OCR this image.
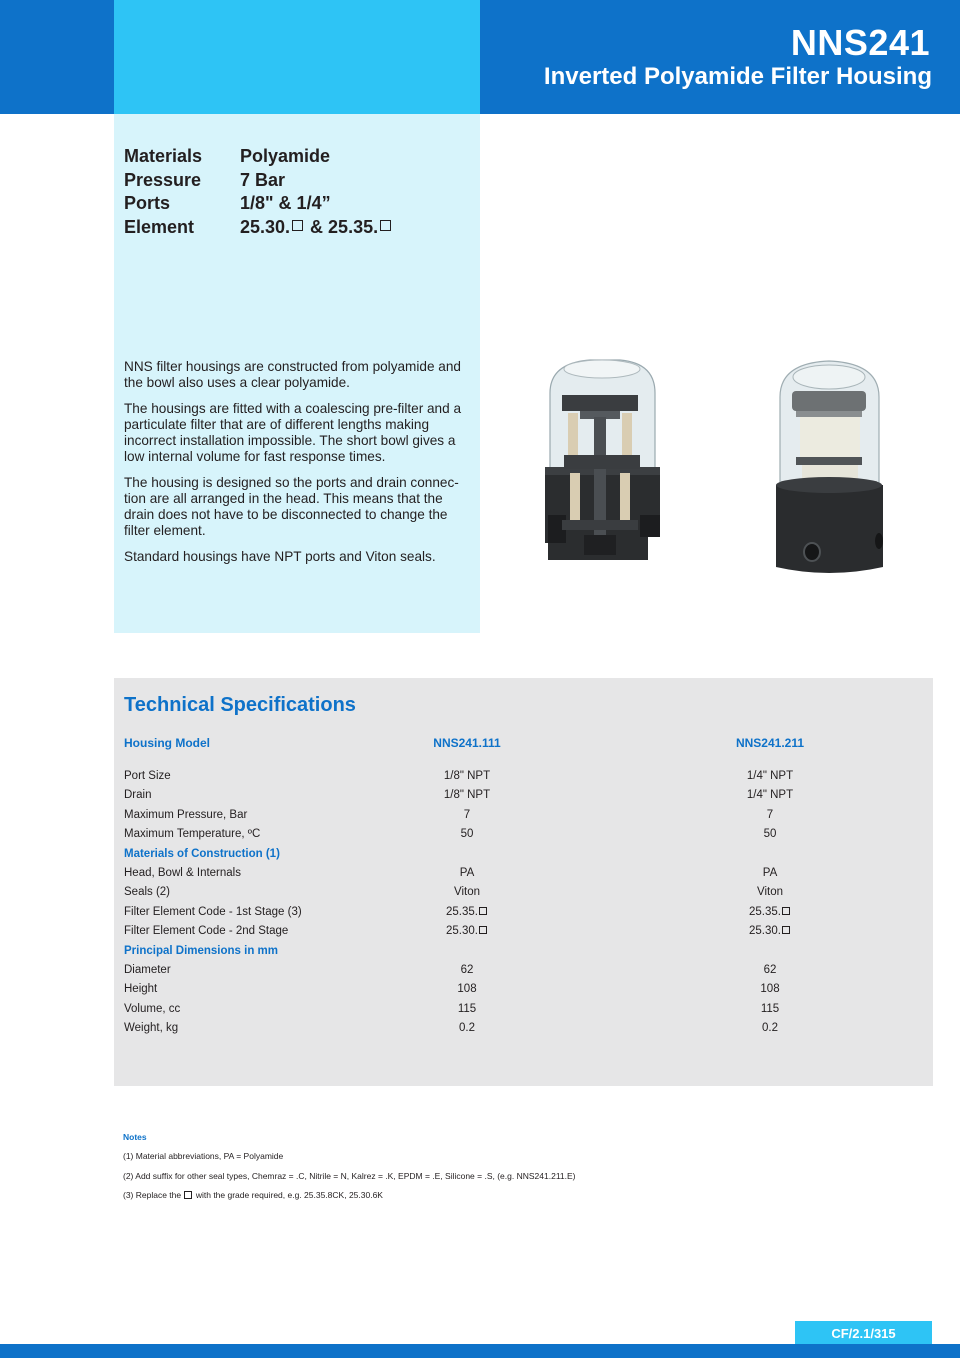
NNS241
Inverted Polyamide Filter Housing
Materials	Polyamide
Pressure	7 Bar
Ports	1/8" & 1/4”
Element	25.30. & 25.35.

NNS filter housings are constructed from polyamide and the bowl also uses a clear polyamide.

The housings are fitted with a coalescing pre-filter and a particulate filter that are of different lengths making incorrect installation impossible. The short bowl gives a low internal volume for fast response times.

The housing is designed so the ports and drain connec-tion are all arranged in the head. This means that the drain does not have to be disconnected to change the filter element.

Standard housings have NPT ports and Viton seals.

Technical Specifications
Housing Model	NNS241.111	NNS241.211
Port Size	1/8" NPT	1/4" NPT
Drain	1/8" NPT	1/4" NPT
Maximum Pressure, Bar	7	7
Maximum Temperature, ºC	50	50
Materials of Construction (1)
Head, Bowl & Internals	PA	PA
Seals (2)	Viton	Viton
Filter Element Code - 1st Stage (3)	25.35.	25.35.
Filter Element Code - 2nd Stage	25.30.	25.30.
Principal Dimensions in mm
Diameter	62	62
Height	108	108
Volume, cc	115	115
Weight, kg	0.2	0.2
Notes
(1) Material abbreviations, PA = Polyamide
(2) Add suffix for other seal types, Chemraz = .C, Nitrile = N, Kalrez = .K, EPDM = .E, Silicone = .S, (e.g. NNS241.211.E)
(3) Replace the  with the grade required, e.g. 25.35.8CK, 25.30.6K
CF/2.1/315
